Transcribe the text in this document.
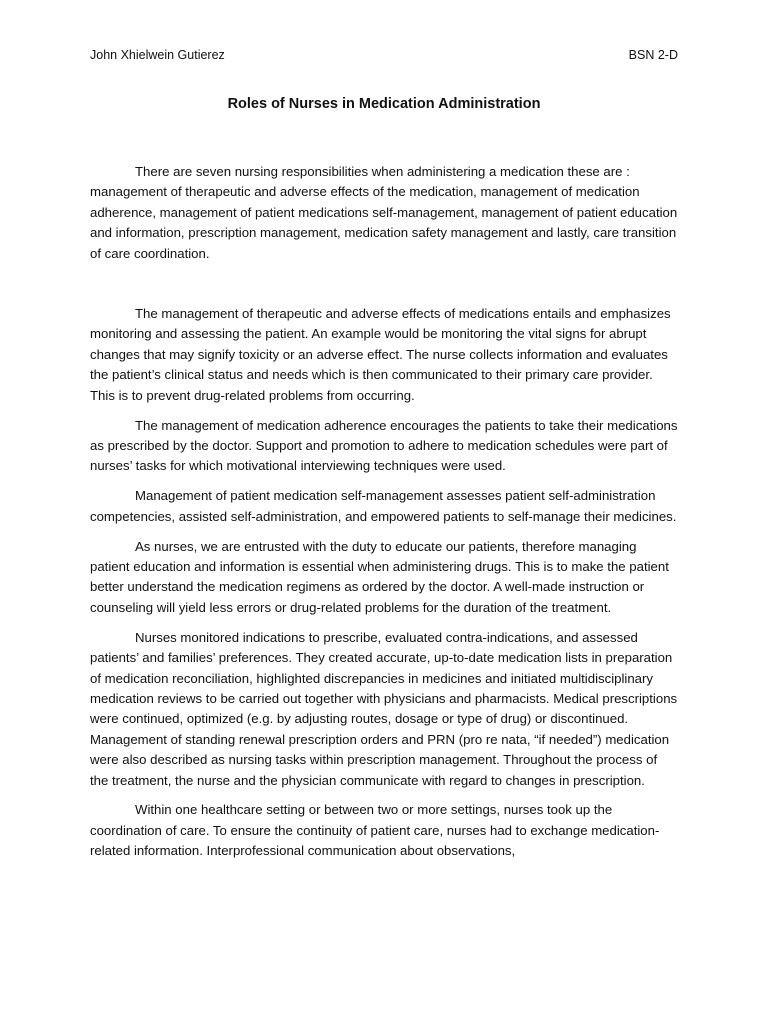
John Xhielwein Gutierez	BSN 2-D
Roles of Nurses in Medication Administration

There are seven nursing responsibilities when administering a medication these are : management of therapeutic and adverse effects of the medication, management of medication adherence, management of patient medications self-management, management of patient education and information, prescription management, medication safety management and lastly, care transition of care coordination.

The management of therapeutic and adverse effects of medications entails and emphasizes monitoring and assessing the patient. An example would be monitoring the vital signs for abrupt changes that may signify toxicity or an adverse effect. The nurse collects information and evaluates the patient’s clinical status and needs which is then communicated to their primary care provider. This is to prevent drug-related problems from occurring.

The management of medication adherence encourages the patients to take their medications as prescribed by the doctor. Support and promotion to adhere to medication schedules were part of nurses’ tasks for which motivational interviewing techniques were used.

Management of patient medication self-management assesses patient self-administration competencies, assisted self-administration, and empowered patients to self-manage their medicines.

As nurses, we are entrusted with the duty to educate our patients, therefore managing patient education and information is essential when administering drugs. This is to make the patient better understand the medication regimens as ordered by the doctor. A well-made instruction or counseling will yield less errors or drug-related problems for the duration of the treatment.

Nurses monitored indications to prescribe, evaluated contra-indications, and assessed patients’ and families’ preferences. They created accurate, up-to-date medication lists in preparation of medication reconciliation, highlighted discrepancies in medicines and initiated multidisciplinary medication reviews to be carried out together with physicians and pharmacists. Medical prescriptions were continued, optimized (e.g. by adjusting routes, dosage or type of drug) or discontinued. Management of standing renewal prescription orders and PRN (pro re nata, “if needed”) medication were also described as nursing tasks within prescription management. Throughout the process of the treatment, the nurse and the physician communicate with regard to changes in prescription.

Within one healthcare setting or between two or more settings, nurses took up the coordination of care. To ensure the continuity of patient care, nurses had to exchange medication-related information. Interprofessional communication about observations,
